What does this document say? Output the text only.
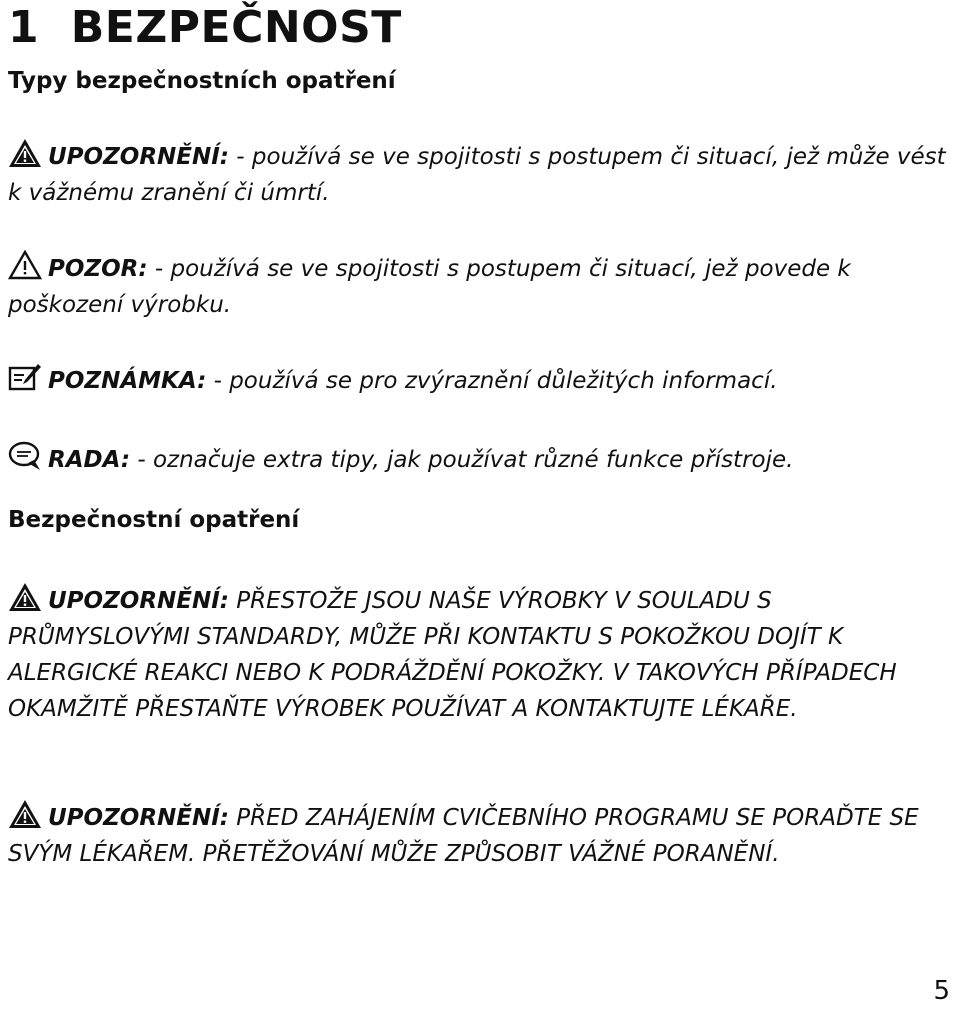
1 BEZPEČNOST
Typy bezpečnostních opatření

UPOZORNĚNÍ: - používá se ve spojitosti s postupem či situací, jež může vést k vážnému zranění či úmrtí.

POZOR: - používá se ve spojitosti s postupem či situací, jež povede k poškození výrobku.

POZNÁMKA: - používá se pro zvýraznění důležitých informací.

RADA: - označuje extra tipy, jak používat různé funkce přístroje.

Bezpečnostní opatření

UPOZORNĚNÍ: PŘESTOŽE JSOU NAŠE VÝROBKY V SOULADU S PRŮMYSLOVÝMI STANDARDY, MŮŽE PŘI KONTAKTU S POKOŽKOU DOJÍT K ALERGICKÉ REAKCI NEBO K PODRÁŽDĚNÍ POKOŽKY. V TAKOVÝCH PŘÍPADECH OKAMŽITĚ PŘESTAŇTE VÝROBEK POUŽÍVAT A KONTAKTUJTE LÉKAŘE.

UPOZORNĚNÍ: PŘED ZAHÁJENÍM CVIČEBNÍHO PROGRAMU SE PORAĎTE SE SVÝM LÉKAŘEM. PŘETĚŽOVÁNÍ MŮŽE ZPŮSOBIT VÁŽNÉ PORANĚNÍ.

5
